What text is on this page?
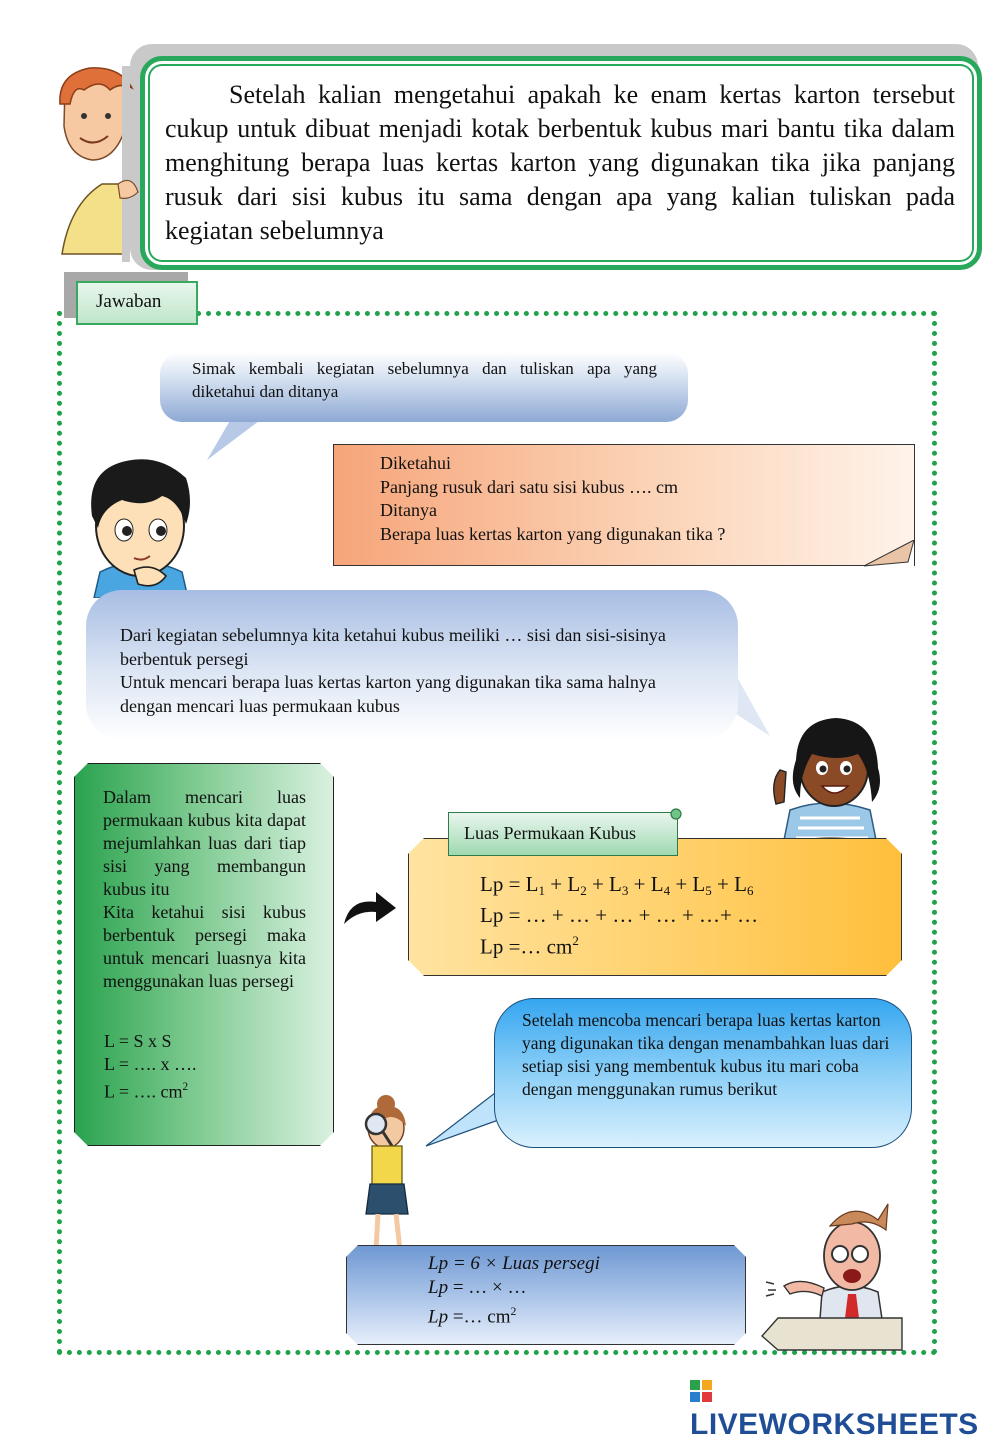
Setelah kalian mengetahui apakah ke enam kertas karton tersebut cukup untuk dibuat menjadi kotak berbentuk kubus mari bantu tika dalam menghitung berapa luas kertas karton yang digunakan tika jika panjang rusuk dari sisi kubus itu sama dengan apa yang kalian tuliskan pada kegiatan sebelumnya
Jawaban
Simak kembali kegiatan sebelumnya dan tuliskan apa yang diketahui dan ditanya
Diketahui
Panjang rusuk dari satu sisi kubus …. cm
Ditanya
Berapa luas kertas karton yang digunakan tika ?
Dari kegiatan sebelumnya kita ketahui kubus meiliki … sisi dan sisi-sisinya berbentuk persegi
Untuk mencari berapa luas kertas karton yang digunakan tika sama halnya dengan mencari luas permukaan kubus
Dalam mencari luas permukaan kubus kita dapat mejumlahkan luas dari tiap sisi yang membangun kubus itu
Kita ketahui sisi kubus berbentuk persegi maka untuk mencari luasnya kita menggunakan luas persegi
L = S x S
L = …. x ….
L = …. $cm^2$
Luas Permukaan Kubus
$Lp = L_1 + L_2 + L_3 + L_4 + L_5 + L_6$
Lp = … + … + … + … + …+ …
Lp =… $cm^2$
Setelah mencoba mencari berapa luas kertas karton yang digunakan tika dengan menambahkan luas dari setiap sisi yang membentuk kubus itu mari coba dengan menggunakan rumus berikut
Lp = 6 × Luas persegi
Lp = … × …
Lp =… $cm^2$
LIVEWORKSHEETS
